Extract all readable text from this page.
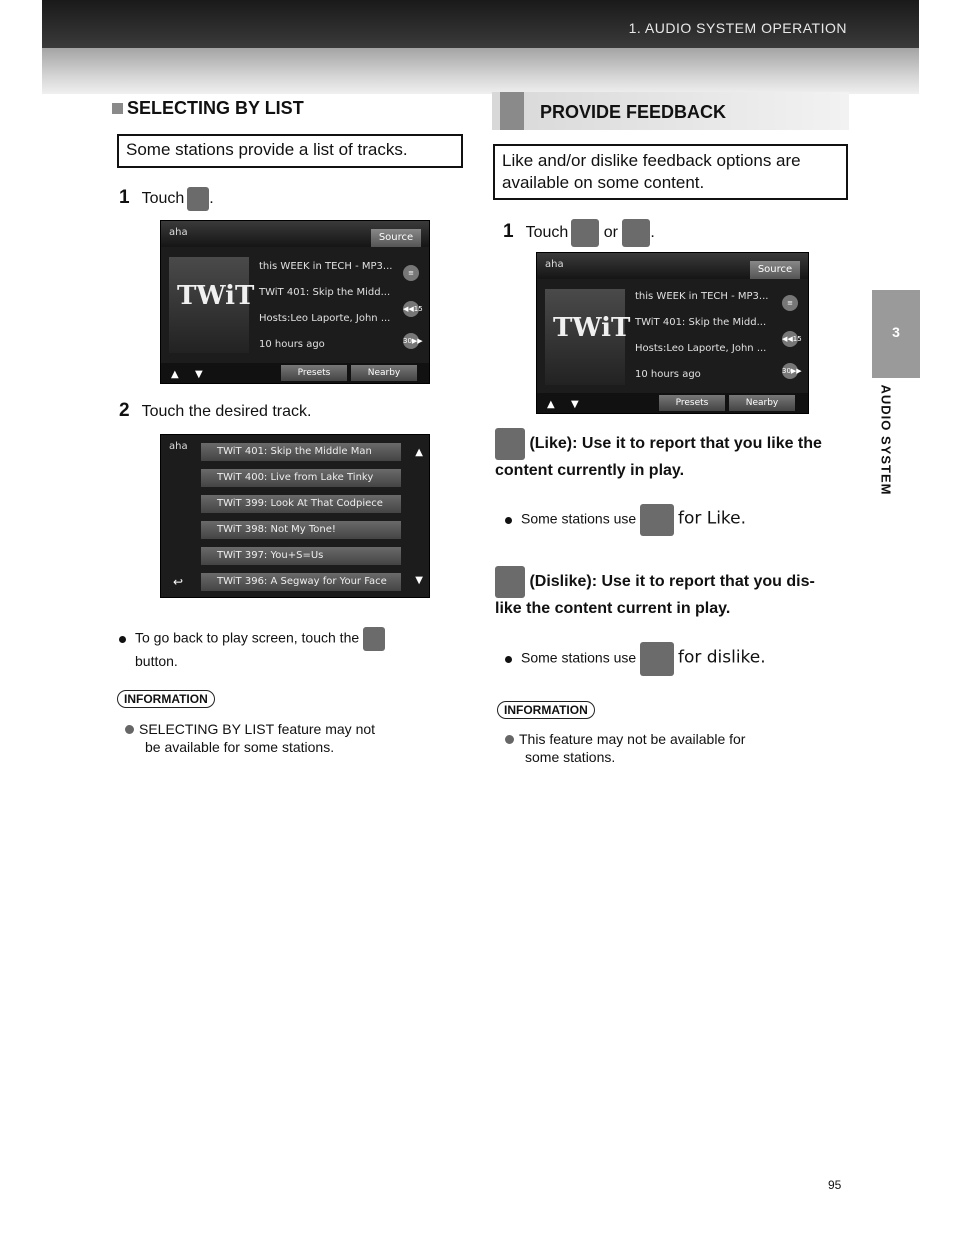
1. AUDIO SYSTEM OPERATION
3
AUDIO SYSTEM
SELECTING BY LIST
Some stations provide a list of tracks.
1 Touch .
aha	Source
TWiT
this WEEK in TECH - MP3...
TWiT 401: Skip the Midd...
Hosts:Leo Laporte, John ...
10 hours ago
≡
◀◀15
30▶▶
▲ ▼	Presets	Nearby
2 Touch the desired track.
aha	TWiT 401: Skip the Middle Man
TWiT 400: Live from Lake Tinky
TWiT 399: Look At That Codpiece
TWiT 398: Not My Tone!
TWiT 397: You+S=Us
TWiT 396: A Segway for Your Face
▲
▼
↩
To go back to play screen, touch the
button.
INFORMATION
SELECTING BY LIST feature may not
be available for some stations.
PROVIDE FEEDBACK
Like and/or dislike feedback options are
available on some content.
1 Touch or .
aha	Source
TWiT
this WEEK in TECH - MP3...
TWiT 401: Skip the Midd...
Hosts:Leo Laporte, John ...
10 hours ago
≡
◀◀15
30▶▶
▲ ▼	Presets	Nearby
(Like): Use it to report that you like the
content currently in play.
Some stations use for Like.
(Dislike): Use it to report that you dis-
like the content current in play.
Some stations use for dislike.
INFORMATION
This feature may not be available for
some stations.
95
